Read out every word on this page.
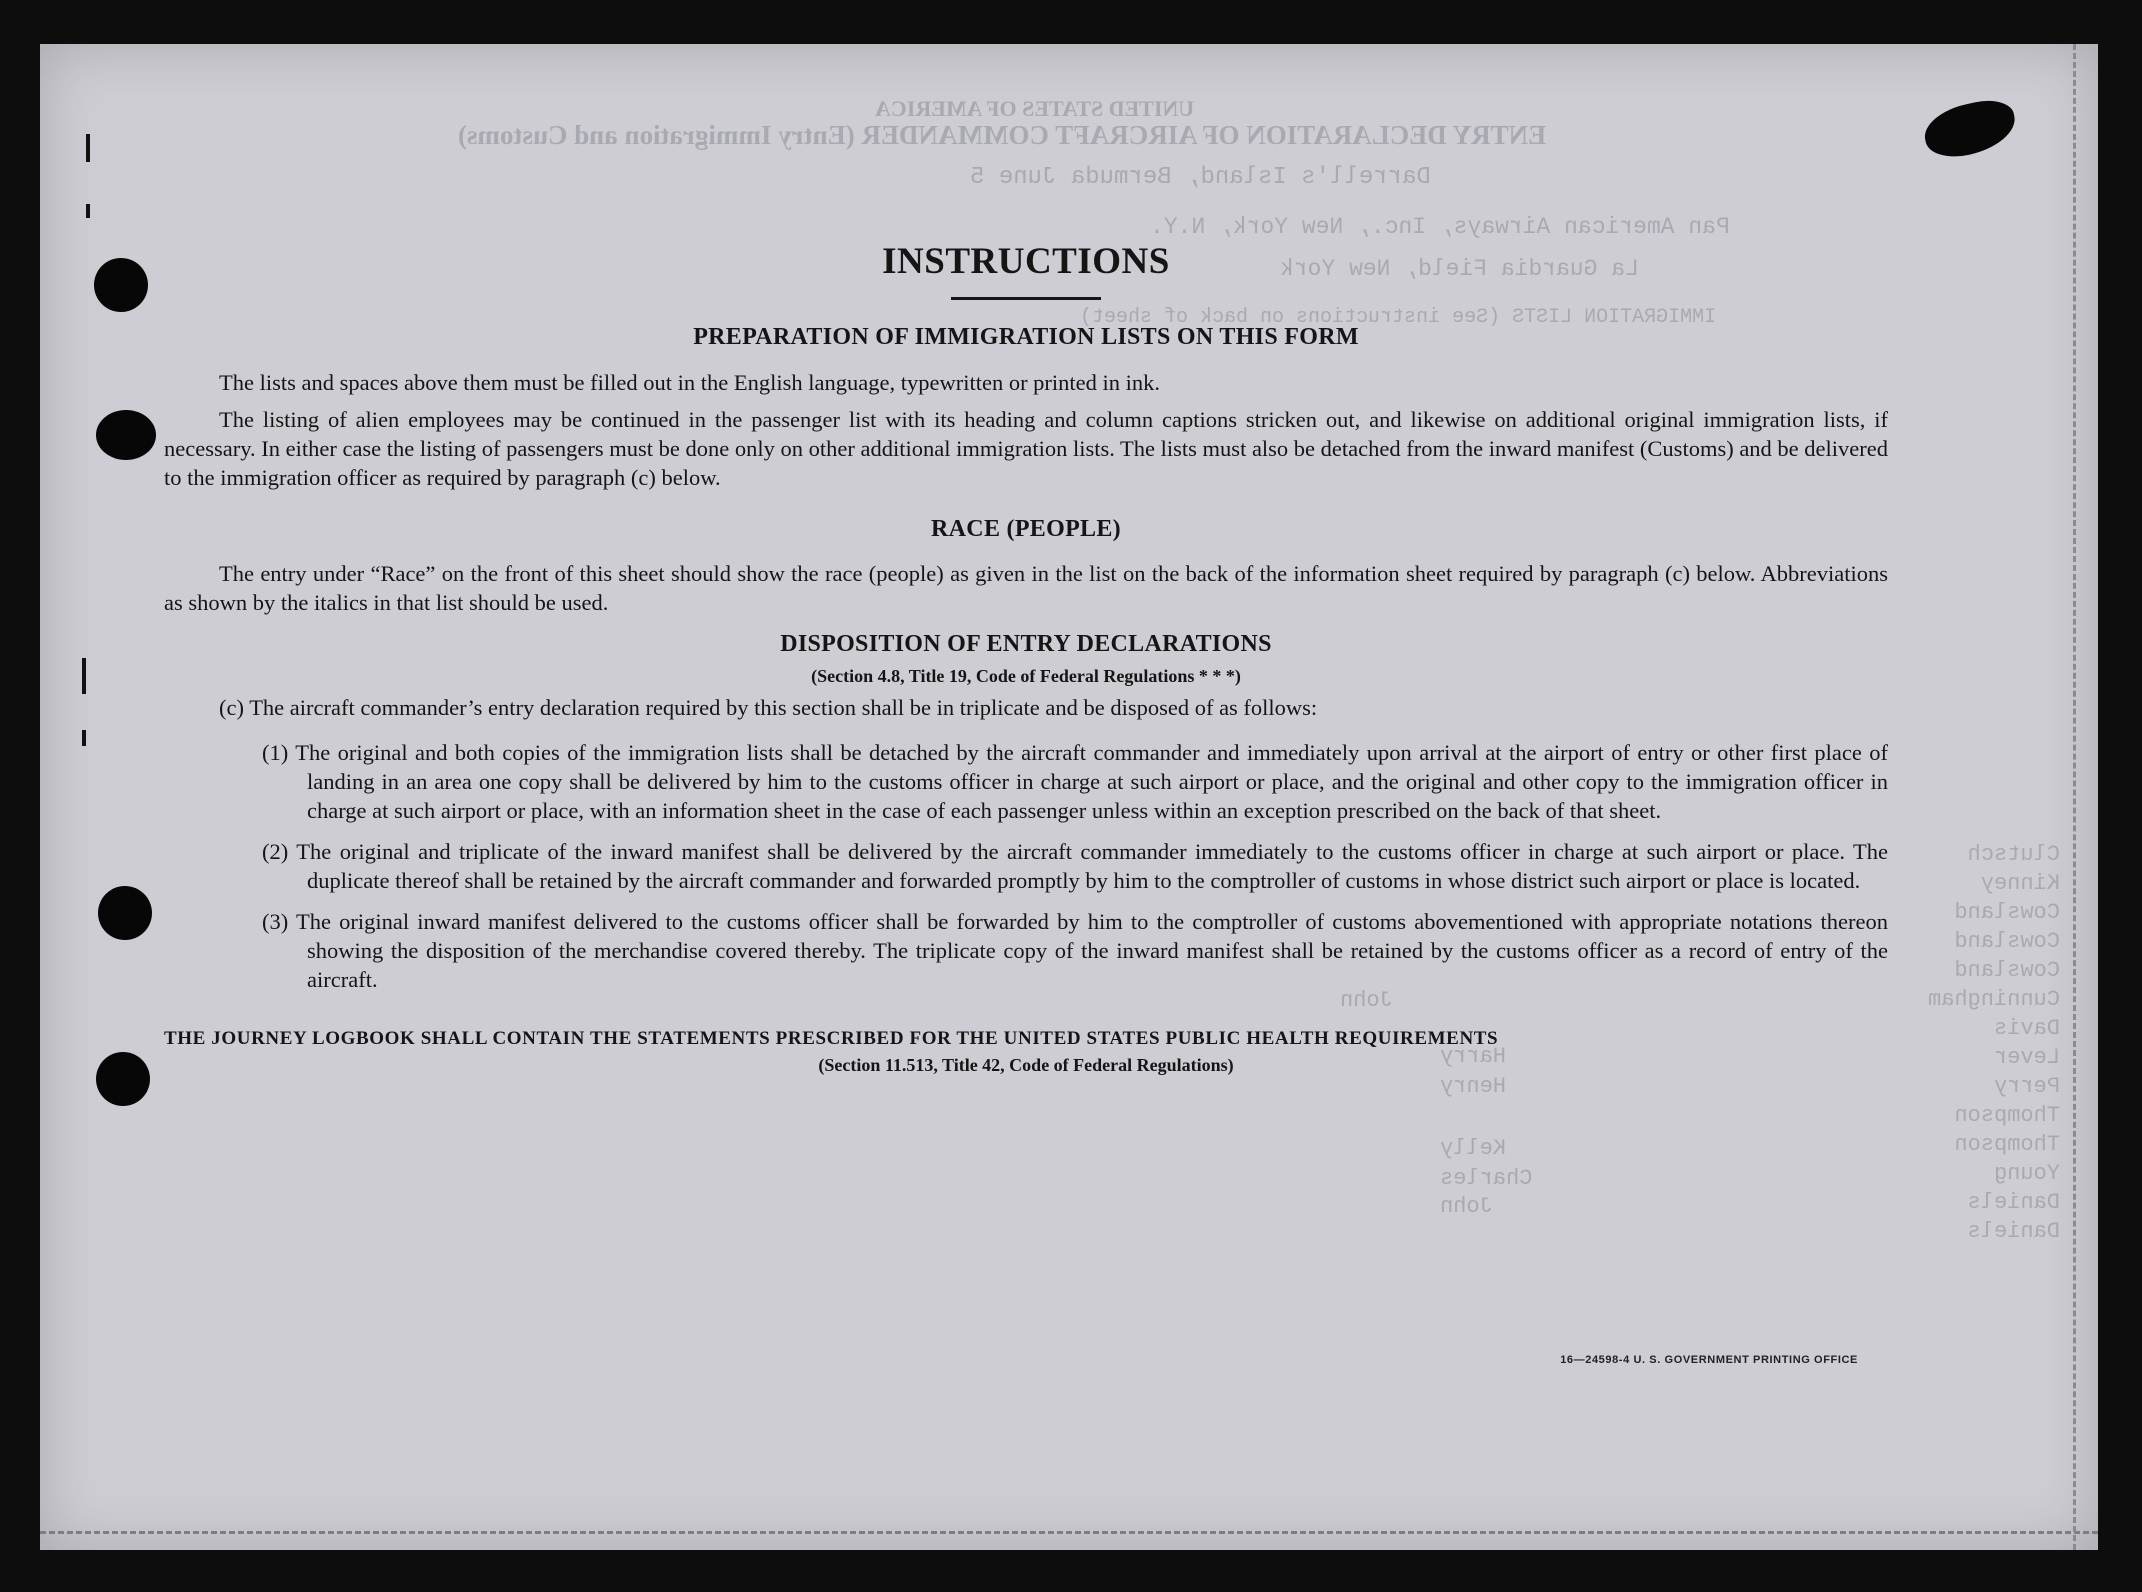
UNITED STATES OF AMERICA
ENTRY DECLARATION OF AIRCRAFT COMMANDER (Entry Immigration and Customs)
Darrell's Island, Bermuda June 5
Pan American Airways, Inc., New York, N.Y.
La Guardia Field, New York
IMMIGRATION LISTS (See instructions on back of sheet)
Clutsch
Kinney
Cowsland
Cowsland
Cowsland
Cunningham
Davis
Lever
Perry
Thompson
Thompson
Young
Daniels
Daniels
John
Harry
Henry
Charles
John
Kelly
16—24598-4 U. S. GOVERNMENT PRINTING OFFICE
INSTRUCTIONS
PREPARATION OF IMMIGRATION LISTS ON THIS FORM

The lists and spaces above them must be filled out in the English language, typewritten or printed in ink.

The listing of alien employees may be continued in the passenger list with its heading and column captions stricken out, and likewise on additional original immigration lists, if necessary. In either case the listing of passengers must be done only on other additional immigration lists. The lists must also be detached from the inward manifest (Customs) and be delivered to the immigration officer as required by paragraph (c) below.

RACE (PEOPLE)

The entry under “Race” on the front of this sheet should show the race (people) as given in the list on the back of the information sheet required by paragraph (c) below. Abbreviations as shown by the italics in that list should be used.

DISPOSITION OF ENTRY DECLARATIONS
(Section 4.8, Title 19, Code of Federal Regulations * * *)

(c) The aircraft commander’s entry declaration required by this section shall be in triplicate and be disposed of as follows:

(1) The original and both copies of the immigration lists shall be detached by the aircraft commander and immediately upon arrival at the airport of entry or other first place of landing in an area one copy shall be delivered by him to the customs officer in charge at such airport or place, and the original and other copy to the immigration officer in charge at such airport or place, with an information sheet in the case of each passenger unless within an exception prescribed on the back of that sheet.

(2) The original and triplicate of the inward manifest shall be delivered by the aircraft commander immediately to the customs officer in charge at such airport or place. The duplicate thereof shall be retained by the aircraft commander and forwarded promptly by him to the comptroller of customs in whose district such airport or place is located.

(3) The original inward manifest delivered to the customs officer shall be forwarded by him to the comptroller of customs abovementioned with appropriate notations thereon showing the disposition of the merchandise covered thereby. The triplicate copy of the inward manifest shall be retained by the customs officer as a record of entry of the aircraft.

THE JOURNEY LOGBOOK SHALL CONTAIN THE STATEMENTS PRESCRIBED FOR THE UNITED STATES PUBLIC HEALTH REQUIREMENTS

(Section 11.513, Title 42, Code of Federal Regulations)
